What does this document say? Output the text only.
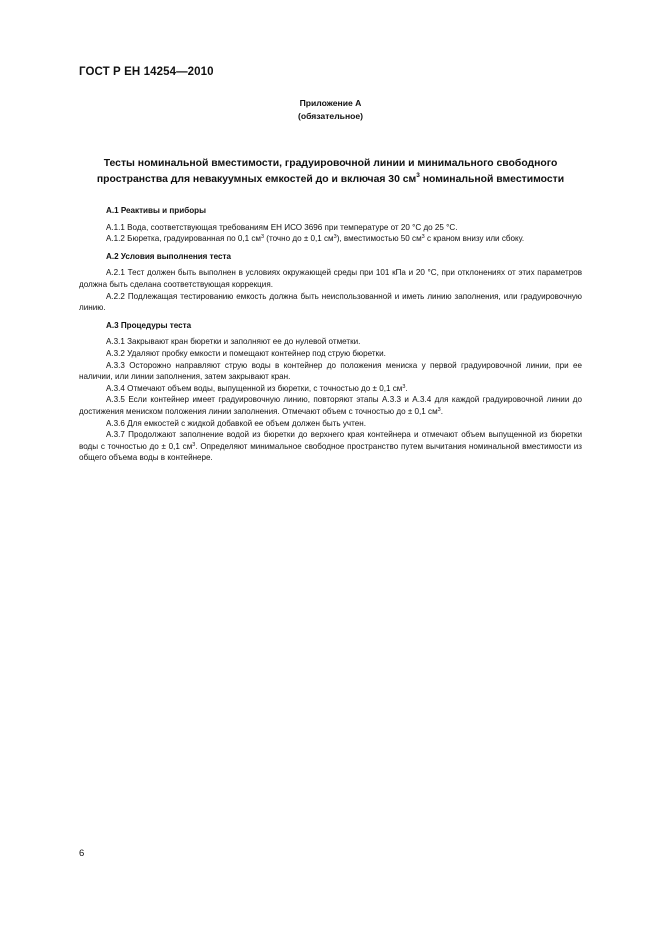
ГОСТ Р ЕН 14254—2010
Приложение А
(обязательное)
Тесты номинальной вместимости, градуировочной линии и минимального свободного
пространства для невакуумных емкостей до и включая 30 $см^3$ номинальной вместимости
А.1 Реактивы и приборы

А.1.1 Вода, соответствующая требованиям ЕН ИСО 3696 при температуре от 20 °С до 25 °С.

А.1.2 Бюретка, градуированная по 0,1 $см^3$ (точно до ± 0,1 $см^3$), вместимостью 50 $см^3$ с краном внизу или сбоку.

А.2 Условия выполнения теста

А.2.1 Тест должен быть выполнен в условиях окружающей среды при 101 кПа и 20 °С, при отклонениях от этих параметров должна быть сделана соответствующая коррекция.

А.2.2 Подлежащая тестированию емкость должна быть неиспользованной и иметь линию заполнения, или градуировочную линию.

А.3 Процедуры теста

А.3.1 Закрывают кран бюретки и заполняют ее до нулевой отметки.

А.3.2 Удаляют пробку емкости и помещают контейнер под струю бюретки.

А.3.3 Осторожно направляют струю воды в контейнер до положения мениска у первой градуировочной линии, при ее наличии, или линии заполнения, затем закрывают кран.

А.3.4 Отмечают объем воды, выпущенной из бюретки, с точностью до ± 0,1 $см^3$.

А.3.5 Если контейнер имеет градуировочную линию, повторяют этапы А.3.3 и А.3.4 для каждой градуировочной линии до достижения мениском положения линии заполнения. Отмечают объем с точностью до ± 0,1 $см^3$.

А.3.6 Для емкостей с жидкой добавкой ее объем должен быть учтен.

А.3.7 Продолжают заполнение водой из бюретки до верхнего края контейнера и отмечают объем выпущенной из бюретки воды с точностью до ± 0,1 $см^3$. Определяют минимальное свободное пространство путем вычитания номинальной вместимости из общего объема воды в контейнере.

6
